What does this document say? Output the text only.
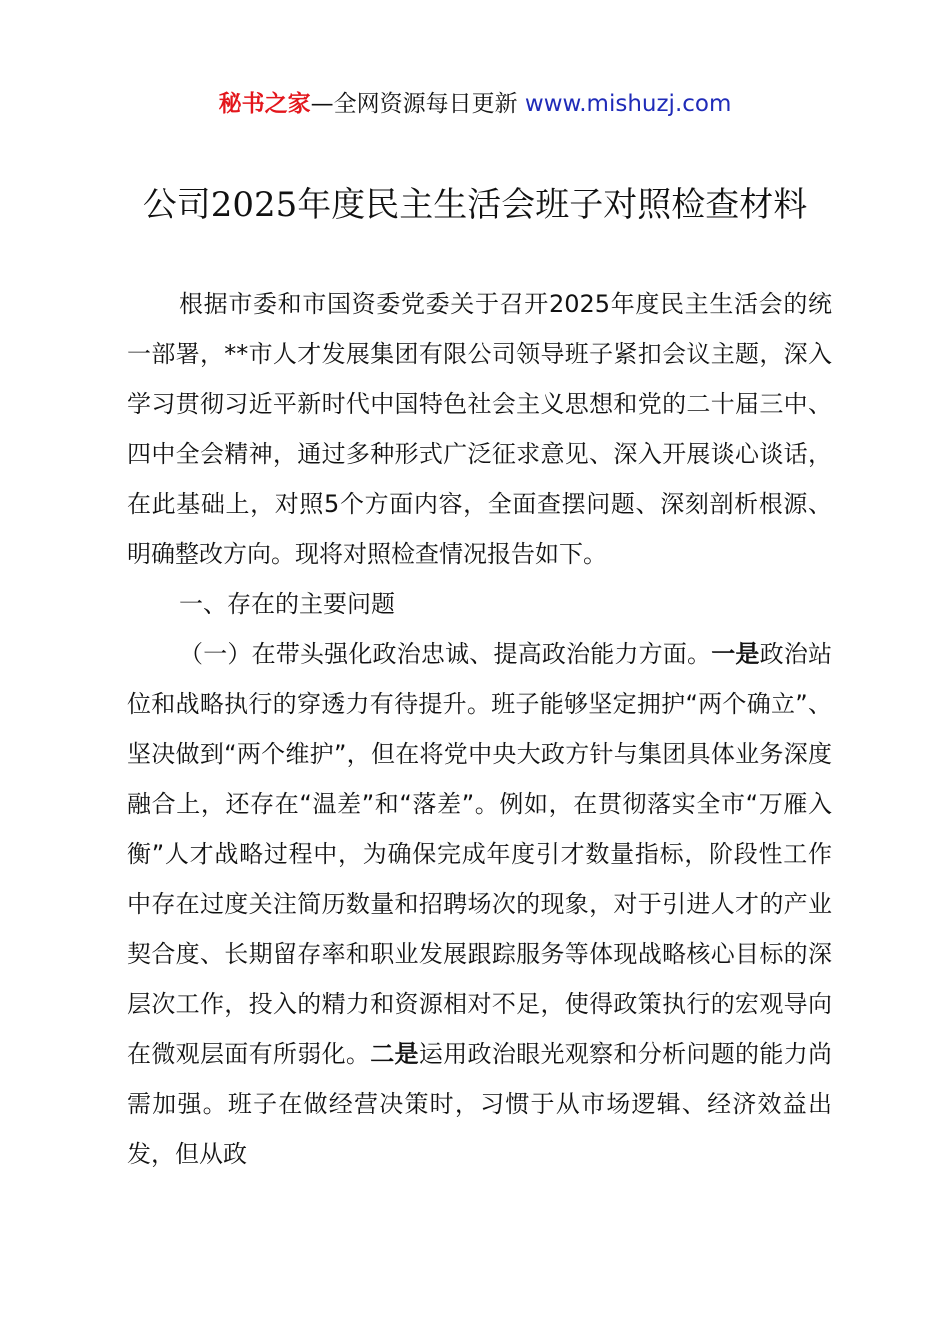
秘书之家—全网资源每日更新 www.mishuzj.com
公司2025年度民主生活会班子对照检查材料

根据市委和市国资委党委关于召开2025年度民主生活会的统一部署，**市人才发展集团有限公司领导班子紧扣会议主题，深入学习贯彻习近平新时代中国特色社会主义思想和党的二十届三中、四中全会精神，通过多种形式广泛征求意见、深入开展谈心谈话，在此基础上，对照5个方面内容，全面查摆问题、深刻剖析根源、明确整改方向。现将对照检查情况报告如下。

一、存在的主要问题

（一）在带头强化政治忠诚、提高政治能力方面。一是政治站位和战略执行的穿透力有待提升。班子能够坚定拥护“两个确立”、坚决做到“两个维护”，但在将党中央大政方针与集团具体业务深度融合上，还存在“温差”和“落差”。例如，在贯彻落实全市“万雁入衡”人才战略过程中，为确保完成年度引才数量指标，阶段性工作中存在过度关注简历数量和招聘场次的现象，对于引进人才的产业契合度、长期留存率和职业发展跟踪服务等体现战略核心目标的深层次工作，投入的精力和资源相对不足，使得政策执行的宏观导向在微观层面有所弱化。二是运用政治眼光观察和分析问题的能力尚需加强。班子在做经营决策时，习惯于从市场逻辑、经济效益出发，但从政
